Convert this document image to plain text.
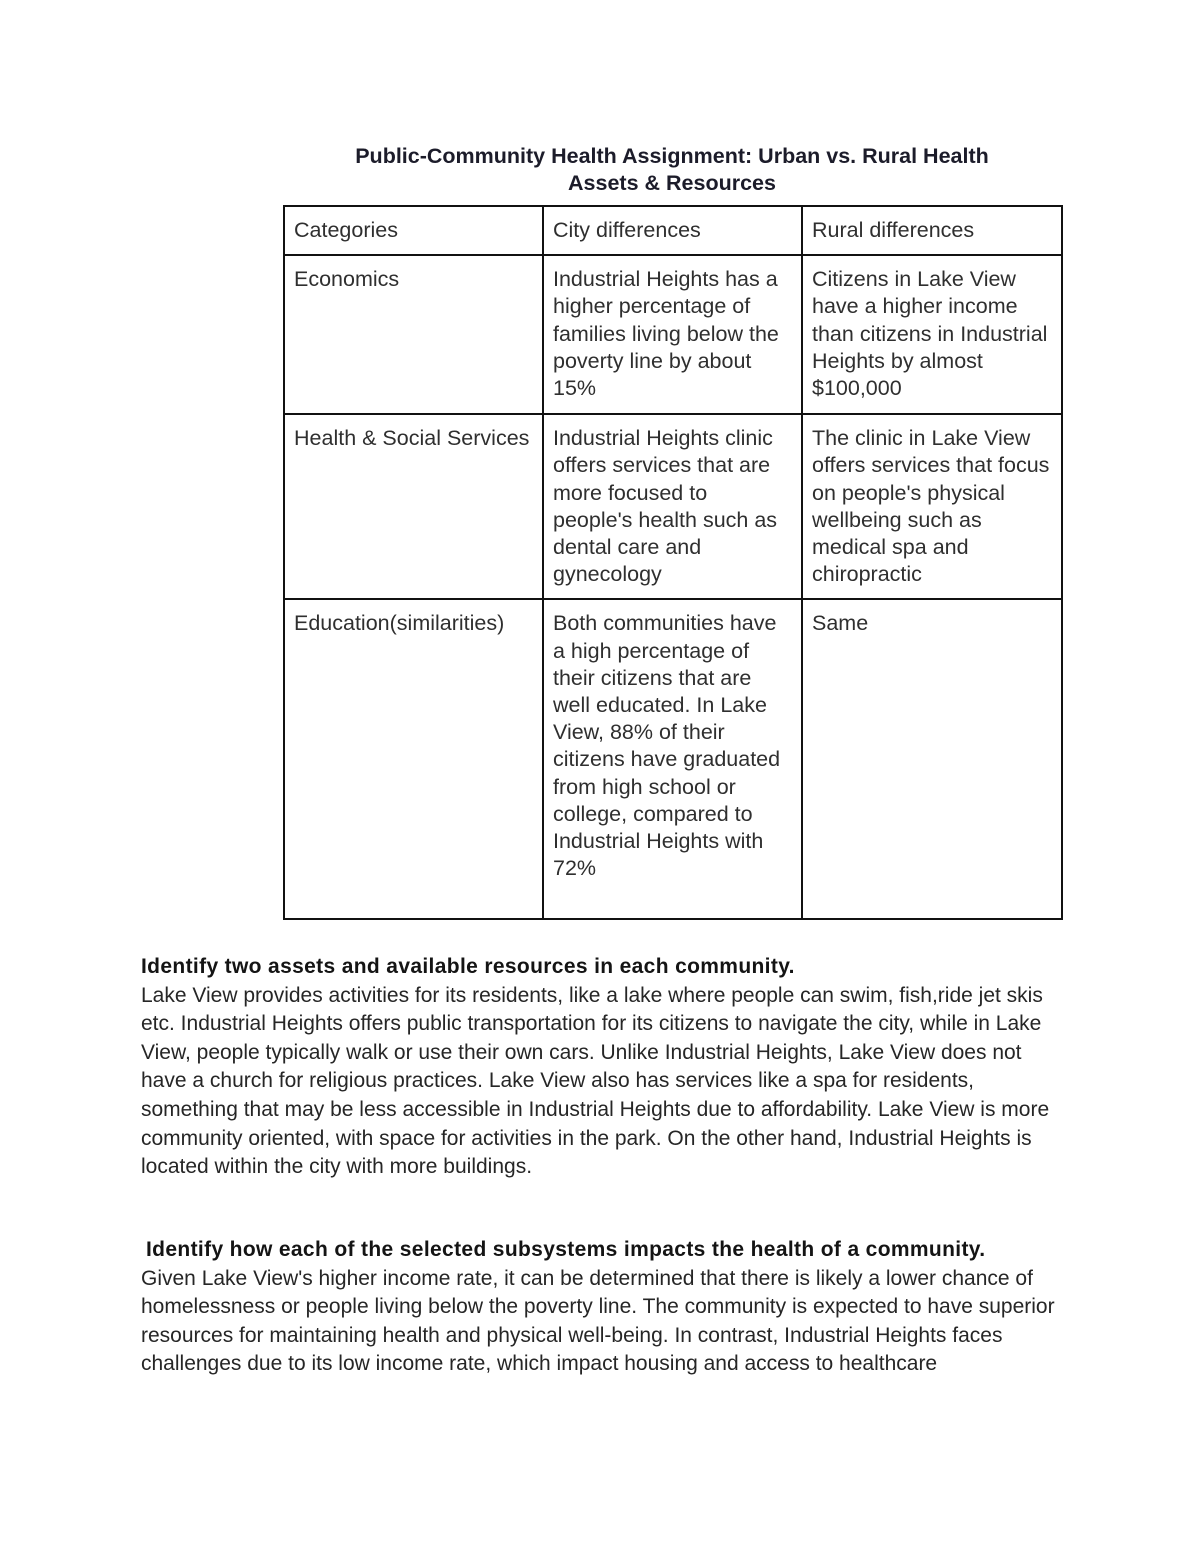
Public-Community Health Assignment: Urban vs. Rural Health
Assets & Resources
Categories	City differences	Rural differences
Economics	Industrial Heights has a higher percentage of families living below the poverty line by about 15%	Citizens in Lake View have a higher income than citizens in Industrial Heights by almost $100,000
Health & Social Services	Industrial Heights clinic offers services that are more focused to people's health such as dental care and gynecology	The clinic in Lake View offers services that focus on people's physical wellbeing such as medical spa and chiropractic
Education(similarities)	Both communities have a high percentage of their citizens that are well educated. In Lake View, 88% of their citizens have graduated from high school or college, compared to Industrial Heights with 72%	Same
Identify two assets and available resources in each community.
Lake View provides activities for its residents, like a lake where people can swim, fish,ride jet skis etc. Industrial Heights offers public transportation for its citizens to navigate the city, while in Lake View, people typically walk or use their own cars. Unlike Industrial Heights, Lake View does not have a church for religious practices. Lake View also has services like a spa for residents, something that may be less accessible in Industrial Heights due to affordability. Lake View is more community oriented, with space for activities in the park. On the other hand, Industrial Heights is located within the city with more buildings.
Identify how each of the selected subsystems impacts the health of a community.
Given Lake View's higher income rate, it can be determined that there is likely a lower chance of homelessness or people living below the poverty line. The community is expected to have superior resources for maintaining health and physical well-being. In contrast, Industrial Heights faces challenges due to its low income rate, which impact housing and access to healthcare
